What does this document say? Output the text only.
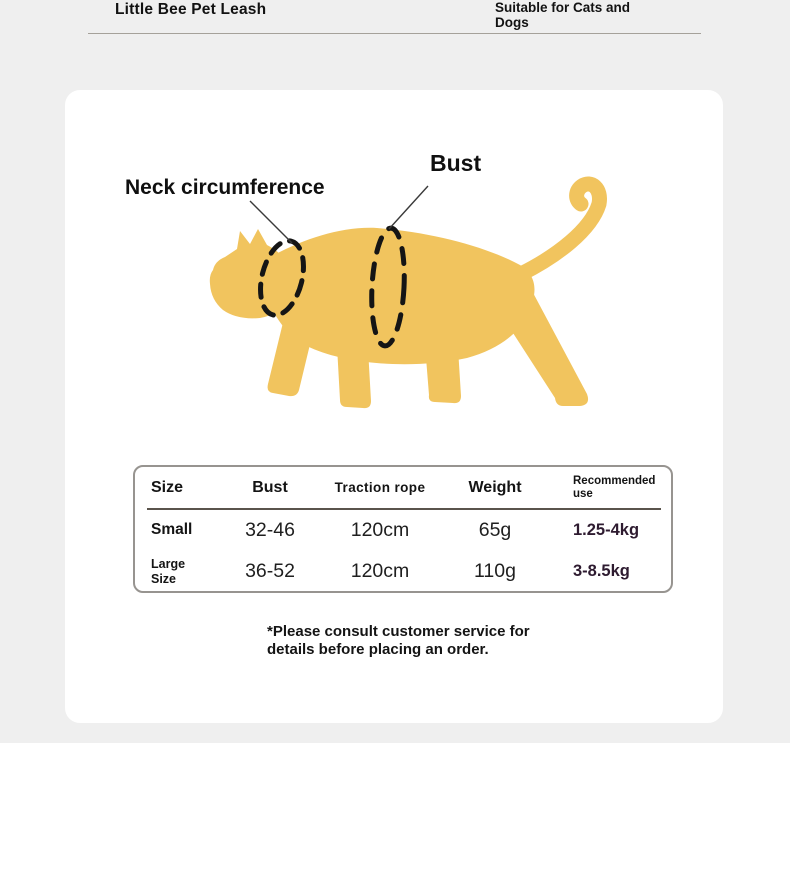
Little Bee Pet Leash	Suitable for Cats and Dogs
Neck circumference
Bust
Size	Bust	Traction rope	Weight	Recommended use
Small	32-46	120cm	65g	1.25-4kg
Large Size	36-52	120cm	110g	3-8.5kg
*Please consult customer service for
details before placing an order.
